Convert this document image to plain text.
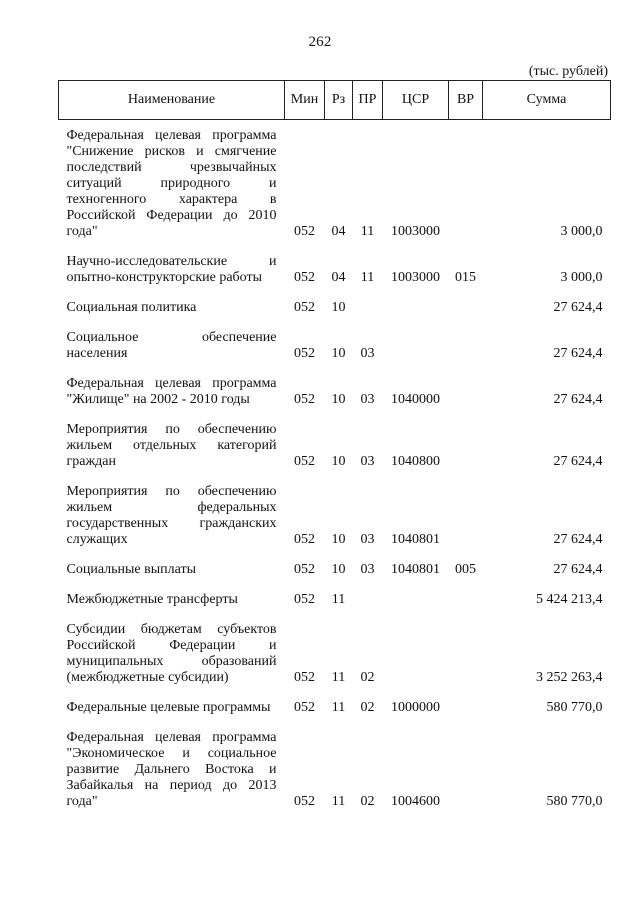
262
(тыс. рублей)
Наименование	Мин	Рз	ПР	ЦСР	ВР	Сумма
Федеральная целевая программа "Снижение рисков и смягчение последствий чрезвычайных ситуаций природного и техногенного характера в Российской Федерации до 2010 года"	052	04	11	1003000		3 000,0
Научно-исследовательские и опытно-конструкторские работы	052	04	11	1003000	015	3 000,0
Социальная политика	052	10				27 624,4
Социальное обеспечение населения	052	10	03			27 624,4
Федеральная целевая программа "Жилище" на 2002 - 2010 годы	052	10	03	1040000		27 624,4
Мероприятия по обеспечению жильем отдельных категорий граждан	052	10	03	1040800		27 624,4
Мероприятия по обеспечению жильем федеральных государственных гражданских служащих	052	10	03	1040801		27 624,4
Социальные выплаты	052	10	03	1040801	005	27 624,4
Межбюджетные трансферты	052	11				5 424 213,4
Субсидии бюджетам субъектов Российской Федерации и муниципальных образований (межбюджетные субсидии)	052	11	02			3 252 263,4
Федеральные целевые программы	052	11	02	1000000		580 770,0
Федеральная целевая программа "Экономическое и социальное развитие Дальнего Востока и Забайкалья на период до 2013 года"	052	11	02	1004600		580 770,0
